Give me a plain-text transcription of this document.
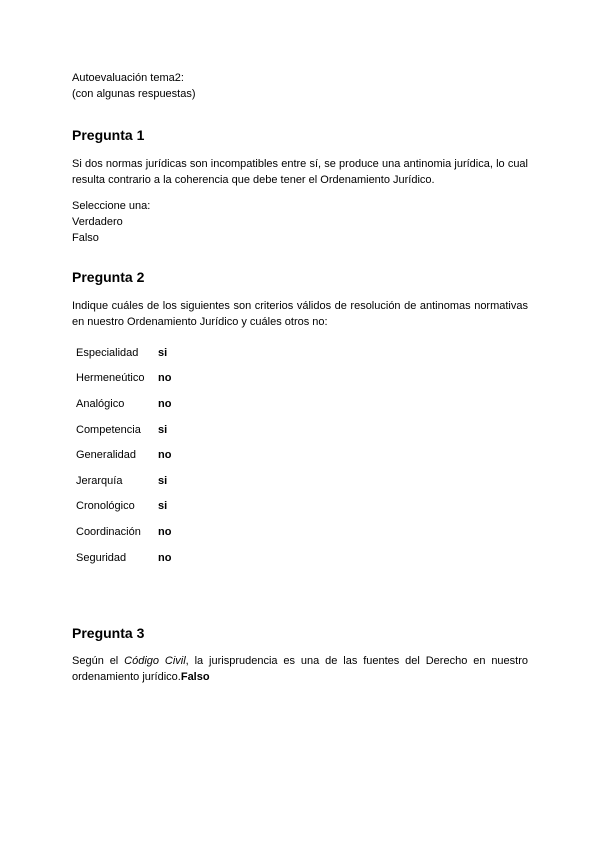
Autoevaluación tema2:
(con algunas respuestas)
Pregunta 1
Si dos normas jurídicas son incompatibles entre sí, se produce una antinomia jurídica, lo cual resulta contrario a la coherencia que debe tener el Ordenamiento Jurídico.
Seleccione una:
Verdadero
Falso
Pregunta 2
Indique cuáles de los siguientes son criterios válidos de resolución de antinomas normativas en nuestro Ordenamiento Jurídico y cuáles otros no:
Especialidad	si
Hermeneútico	no
Analógico	no
Competencia	si
Generalidad	no
Jerarquía	si
Cronológico	si
Coordinación	no
Seguridad	no
Pregunta 3
Según el Código Civil, la jurisprudencia es una de las fuentes del Derecho en nuestro ordenamiento jurídico.Falso
